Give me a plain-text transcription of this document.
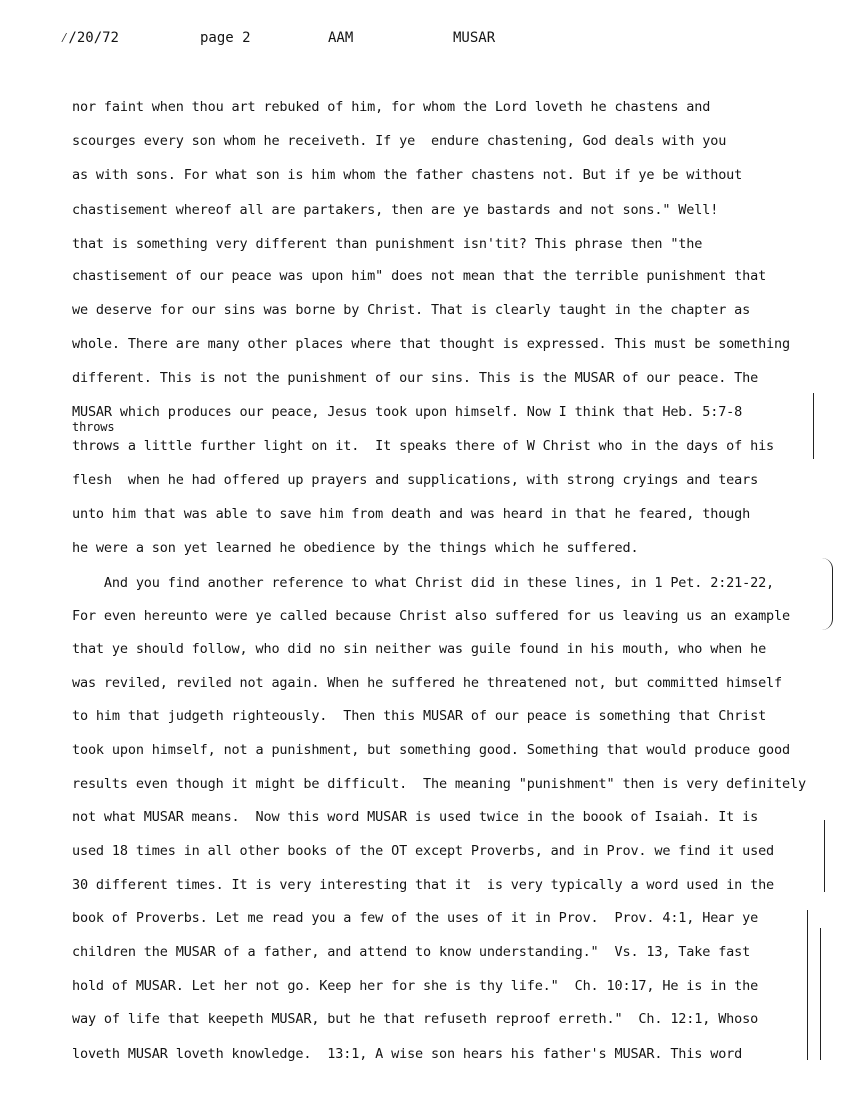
⁄/20/72	page 2	AAM	MUSAR
nor faint when thou art rebuked of him, for whom the Lord loveth he chastens and
scourges every son whom he receiveth. If ye  endure chastening, God deals with you
as with sons. For what son is him whom the father chastens not. But if ye be without
chastisement whereof all are partakers, then are ye bastards and not sons." Well!
that is something very different than punishment isn'tit? This phrase then "the
chastisement of our peace was upon him" does not mean that the terrible punishment that
we deserve for our sins was borne by Christ. That is clearly taught in the chapter as
whole. There are many other places where that thought is expressed. This must be something
different. This is not the punishment of our sins. This is the MUSAR of our peace. The
MUSAR which produces our peace, Jesus took upon himself. Now I think that Heb. 5:7-8
throws
throws a little further light on it.  It speaks there of W Christ who in the days of his
flesh  when he had offered up prayers and supplications, with strong cryings and tears
unto him that was able to save him from death and was heard in that he feared, though
he were a son yet learned he obedience by the things which he suffered.
And you find another reference to what Christ did in these lines, in 1 Pet. 2:21-22,
For even hereunto were ye called because Christ also suffered for us leaving us an example
that ye should follow, who did no sin neither was guile found in his mouth, who when he
was reviled, reviled not again. When he suffered he threatened not, but committed himself
to him that judgeth righteously.  Then this MUSAR of our peace is something that Christ
took upon himself, not a punishment, but something good. Something that would produce good
results even though it might be difficult.  The meaning "punishment" then is very definitely
not what MUSAR means.  Now this word MUSAR is used twice in the boook of Isaiah. It is
used 18 times in all other books of the OT except Proverbs, and in Prov. we find it used
30 different times. It is very interesting that it  is very typically a word used in the
book of Proverbs. Let me read you a few of the uses of it in Prov.  Prov. 4:1, Hear ye
children the MUSAR of a father, and attend to know understanding."  Vs. 13, Take fast
hold of MUSAR. Let her not go. Keep her for she is thy life."  Ch. 10:17, He is in the
way of life that keepeth MUSAR, but he that refuseth reproof erreth."  Ch. 12:1, Whoso
loveth MUSAR loveth knowledge.  13:1, A wise son hears his father's MUSAR. This word
